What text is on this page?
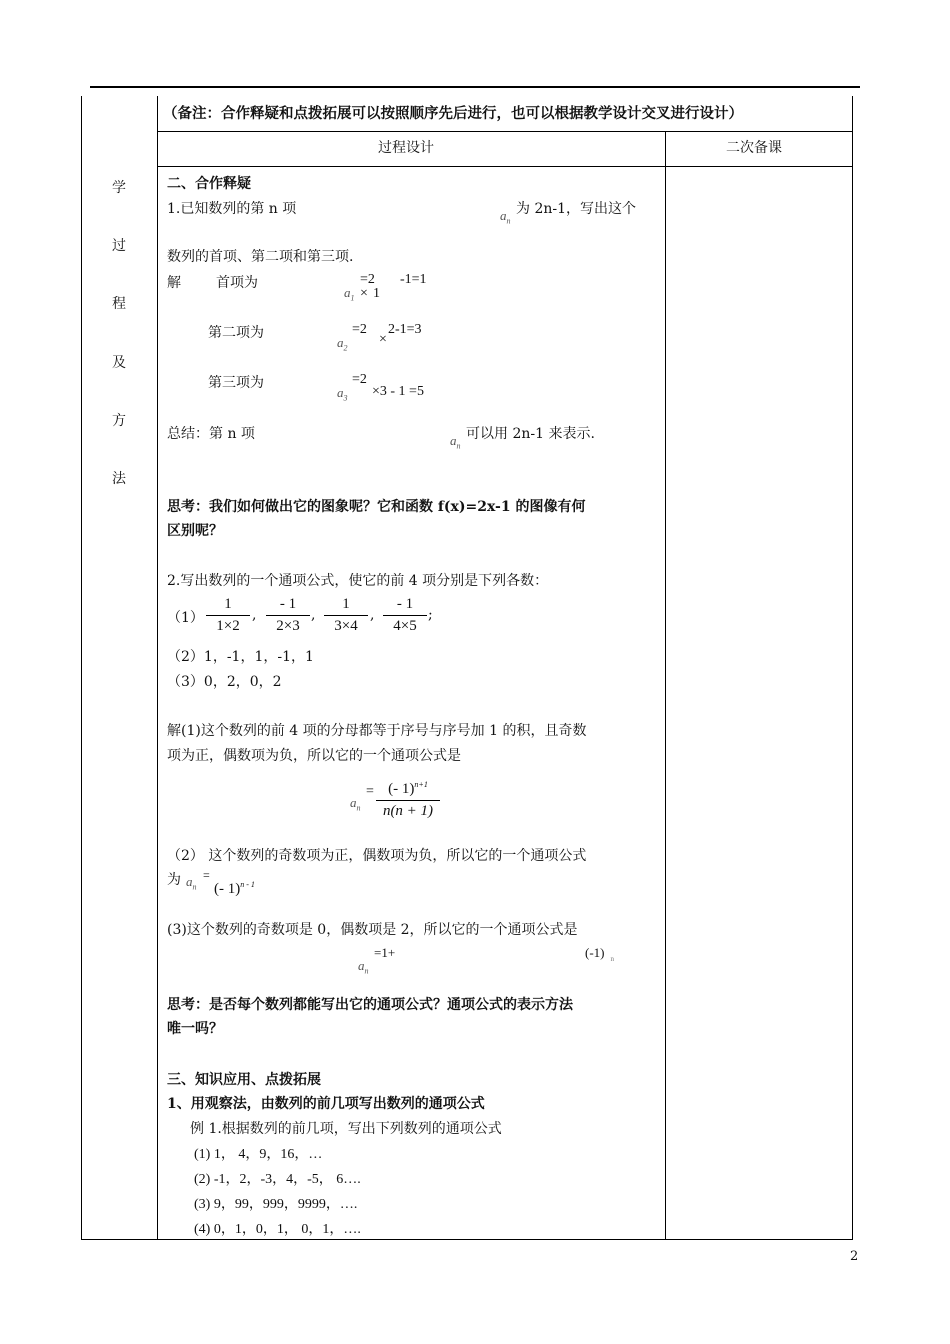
（备注：合作释疑和点拨拓展可以按照顺序先后进行，也可以根据教学设计交叉进行设计）
过程设计	二次备课
学
过
程
及
方
法
二、合作释疑
1.已知数列的第 n 项	$a_n$
为 2n-1，写出这个
数列的首项、第二项和第三项.
解	首项为
$a_1$
=2
× 1
-1=1
第二项为
$a_2$
=2
×
2-1=3
第三项为
$a_3$
=2
×3 - 1 =5
总结：第 n 项	$a_n$
可以用 2n-1 来表示.
思考：我们如何做出它的图象呢？它和函数 f(x)=2x-1 的图像有何
区别呢？
2.写出数列的一个通项公式，使它的前 4 项分别是下列各数：
（1）
1
1×2
,
- 1
2×3
,
1
3×4
,
- 1
4×5
;
（2）1，-1，1，-1，1
（3）0，2，0，2
解(1)这个数列的前 4 项的分母都等于序号与序号加 1 的积，且奇数
项为正，偶数项为负，所以它的一个通项公式是
$a_n$
= (- 1)$^{n+1}$
n(n + 1)
（2） 这个数列的奇数项为正，偶数项为负，所以它的一个通项公式
为 $a_n$
=
(- 1)$^{n - 1}$
(3)这个数列的奇数项是 0，偶数项是 2，所以它的一个通项公式是
$a_n$
=1+	(-1) $_n$
思考：是否每个数列都能写出它的通项公式？通项公式的表示方法
唯一吗？
三、知识应用、点拨拓展
1、用观察法，由数列的前几项写出数列的通项公式
例 1.根据数列的前几项，写出下列数列的通项公式
(1) 1， 4，9，16，…
(2) -1，2，-3，4，-5， 6….
(3) 9，99，999，9999，….
(4) 0，1，0，1， 0，1，….
2
